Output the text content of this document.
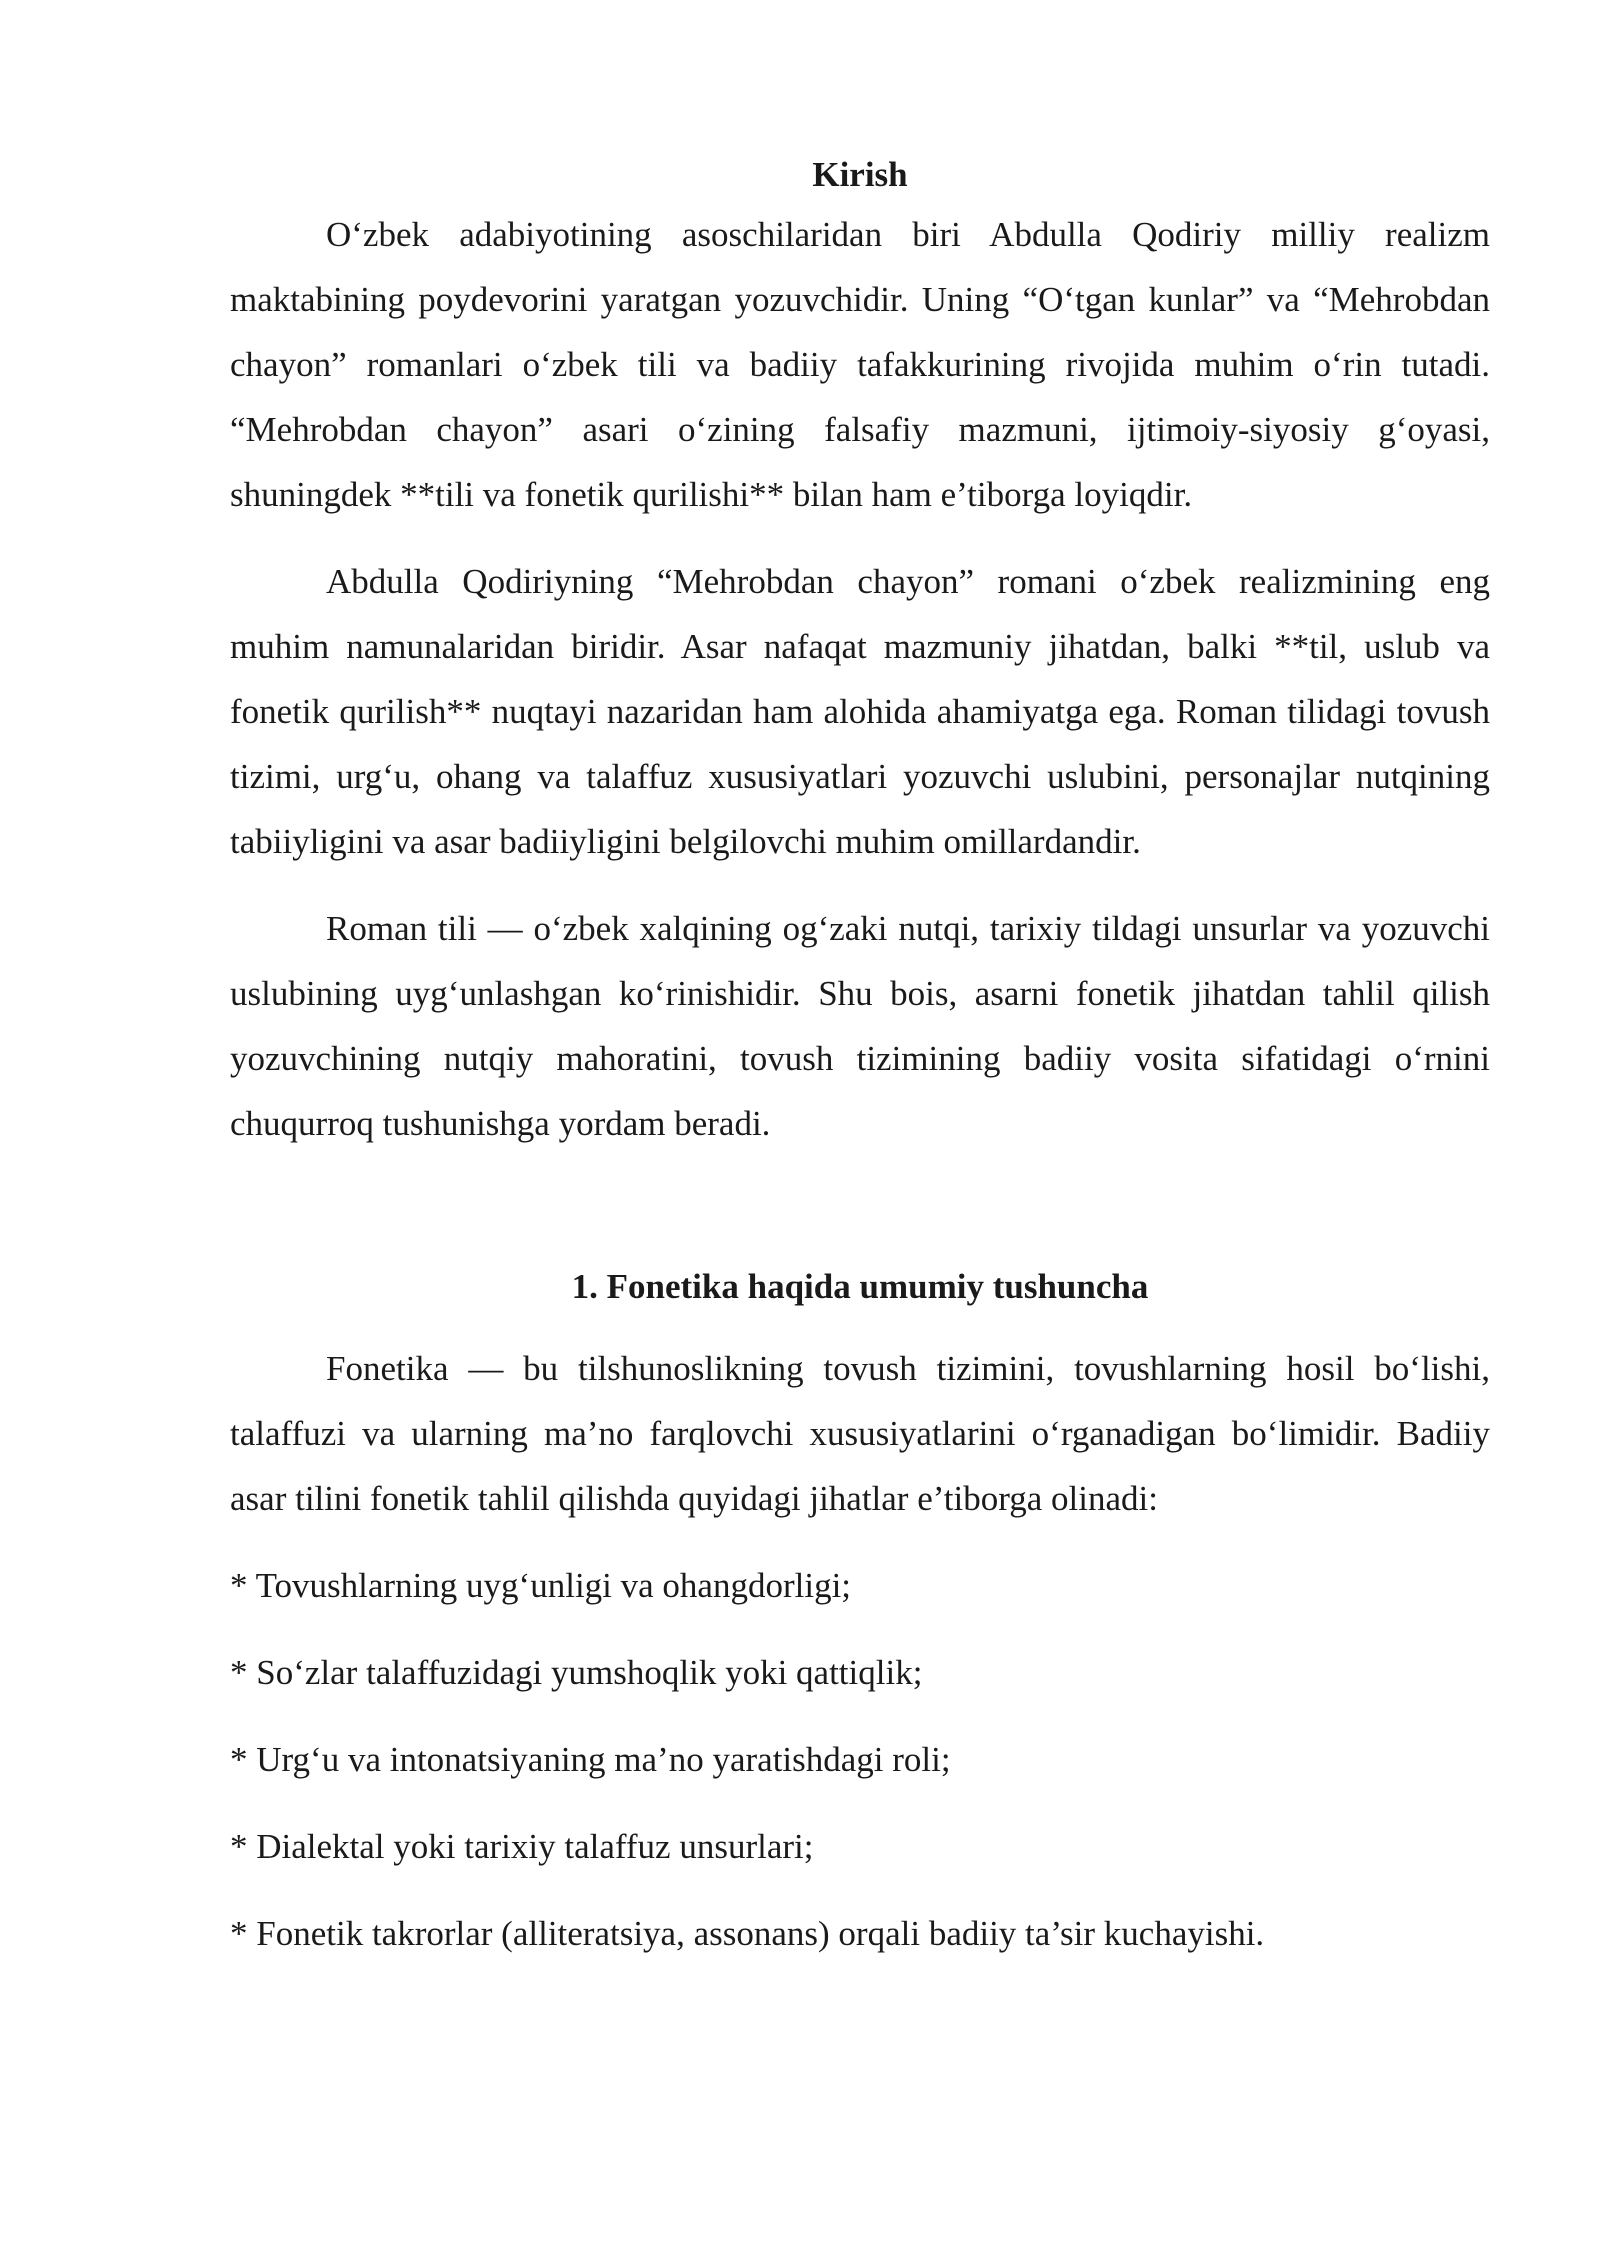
Kirish

O‘zbek adabiyotining asoschilaridan biri Abdulla Qodiriy milliy realizm maktabining poydevorini yaratgan yozuvchidir. Uning “O‘tgan kunlar” va “Mehrobdan chayon” romanlari o‘zbek tili va badiiy tafakkurining rivojida muhim o‘rin tutadi. “Mehrobdan chayon” asari o‘zining falsafiy mazmuni, ijtimoiy-siyosiy g‘oyasi, shuningdek **tili va fonetik qurilishi** bilan ham e’tiborga loyiqdir.

Abdulla Qodiriyning “Mehrobdan chayon” romani o‘zbek realizmining eng muhim namunalaridan biridir. Asar nafaqat mazmuniy jihatdan, balki **til, uslub va fonetik qurilish** nuqtayi nazaridan ham alohida ahamiyatga ega. Roman tilidagi tovush tizimi, urg‘u, ohang va talaffuz xususiyatlari yozuvchi uslubini, personajlar nutqining tabiiyligini va asar badiiyligini belgilovchi muhim omillardandir.

Roman tili — o‘zbek xalqining og‘zaki nutqi, tarixiy tildagi unsurlar va yozuvchi uslubining uyg‘unlashgan ko‘rinishidir. Shu bois, asarni fonetik jihatdan tahlil qilish yozuvchining nutqiy mahoratini, tovush tizimining badiiy vosita sifatidagi o‘rnini chuqurroq tushunishga yordam beradi.

1. Fonetika haqida umumiy tushuncha

Fonetika — bu tilshunoslikning tovush tizimini, tovushlarning hosil bo‘lishi, talaffuzi va ularning ma’no farqlovchi xususiyatlarini o‘rganadigan bo‘limidir. Badiiy asar tilini fonetik tahlil qilishda quyidagi jihatlar e’tiborga olinadi:

* Tovushlarning uyg‘unligi va ohangdorligi;

* So‘zlar talaffuzidagi yumshoqlik yoki qattiqlik;

* Urg‘u va intonatsiyaning ma’no yaratishdagi roli;

* Dialektal yoki tarixiy talaffuz unsurlari;

* Fonetik takrorlar (alliteratsiya, assonans) orqali badiiy ta’sir kuchayishi.
